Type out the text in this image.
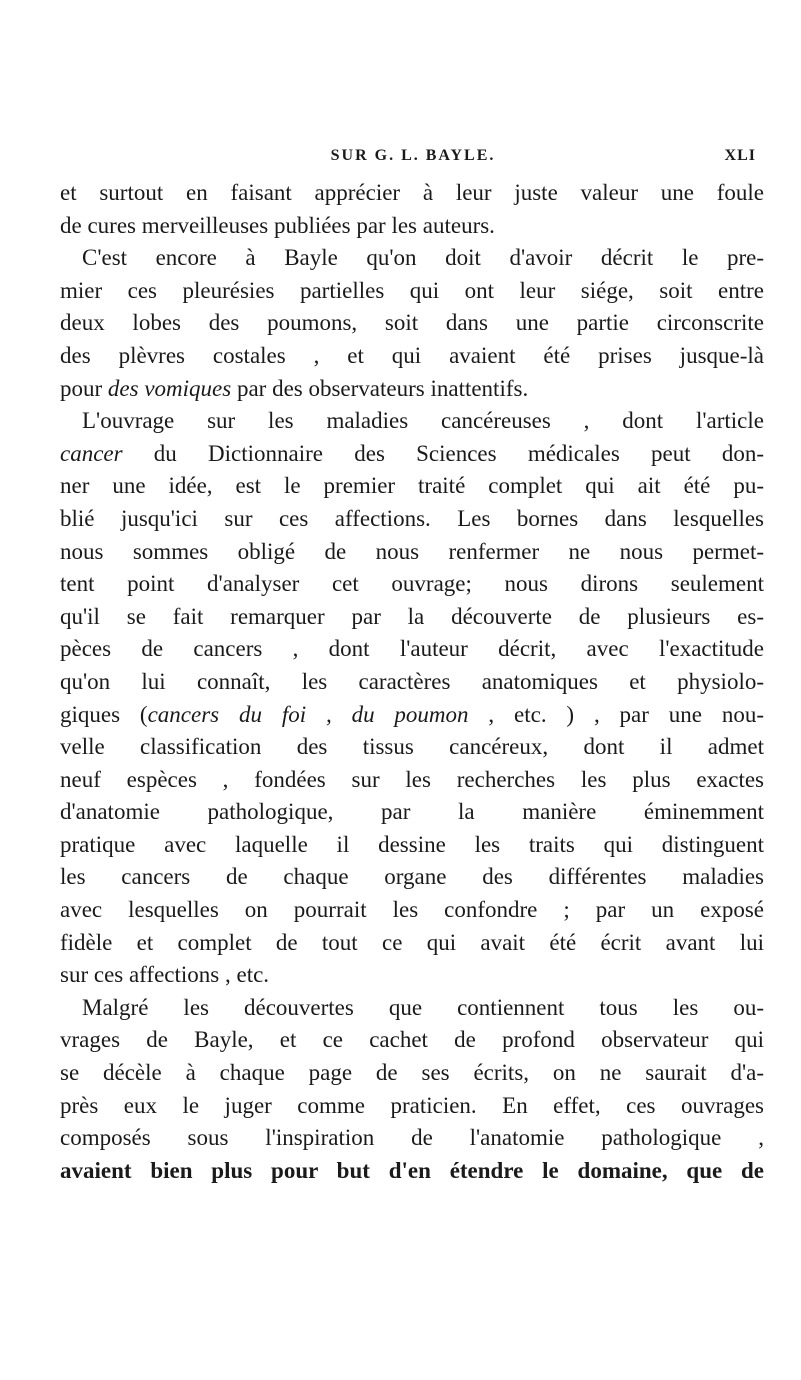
SUR G. L. BAYLE.	XLI
et surtout en faisant apprécier à leur juste valeur une foule
de cures merveilleuses publiées par les auteurs.
C'est encore à Bayle qu'on doit d'avoir décrit le pre-
mier ces pleurésies partielles qui ont leur siége, soit entre
deux lobes des poumons, soit dans une partie circonscrite
des plèvres costales , et qui avaient été prises jusque-là
pour des vomiques par des observateurs inattentifs.
L'ouvrage sur les maladies cancéreuses , dont l'article
cancer du Dictionnaire des Sciences médicales peut don-
ner une idée, est le premier traité complet qui ait été pu-
blié jusqu'ici sur ces affections. Les bornes dans lesquelles
nous sommes obligé de nous renfermer ne nous permet-
tent point d'analyser cet ouvrage; nous dirons seulement
qu'il se fait remarquer par la découverte de plusieurs es-
pèces de cancers , dont l'auteur décrit, avec l'exactitude
qu'on lui connaît, les caractères anatomiques et physiolo-
giques (cancers du foi , du poumon , etc. ) , par une nou-
velle classification des tissus cancéreux, dont il admet
neuf espèces , fondées sur les recherches les plus exactes
d'anatomie pathologique, par la manière éminemment
pratique avec laquelle il dessine les traits qui distinguent
les cancers de chaque organe des différentes maladies
avec lesquelles on pourrait les confondre ; par un exposé
fidèle et complet de tout ce qui avait été écrit avant lui
sur ces affections , etc.
Malgré les découvertes que contiennent tous les ou-
vrages de Bayle, et ce cachet de profond observateur qui
se décèle à chaque page de ses écrits, on ne saurait d'a-
près eux le juger comme praticien. En effet, ces ouvrages
composés sous l'inspiration de l'anatomie pathologique ,
avaient bien plus pour but d'en étendre le domaine, que de
